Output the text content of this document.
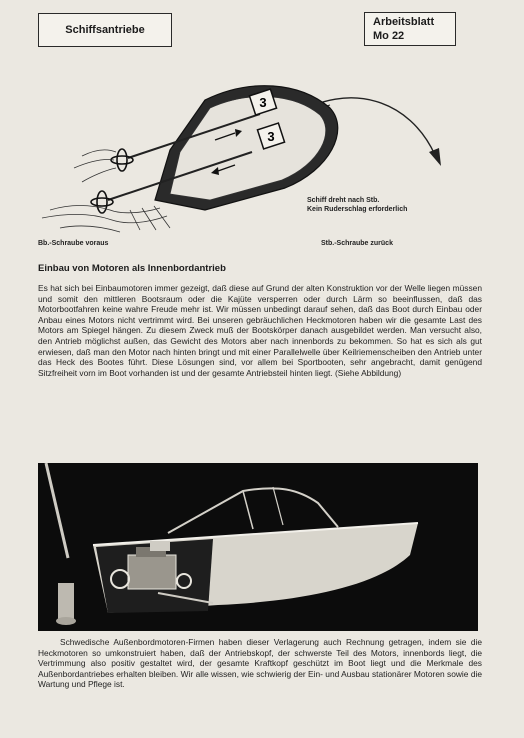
Schiffsantriebe
Arbeitsblatt
Mo 22
3
3
Schiff dreht nach Stb.
Kein Ruderschlag erforderlich
Bb.-Schraube voraus	Stb.-Schraube zurück
Einbau von Motoren als Innenbordantrieb

Es hat sich bei Einbaumotoren immer gezeigt, daß diese auf Grund der alten Konstruktion vor der Welle liegen müssen und somit den mittleren Bootsraum oder die Kajüte versperren oder durch Lärm so beeinflussen, daß das Motorbootfahren keine wahre Freude mehr ist. Wir müssen unbedingt darauf sehen, daß das Boot durch Einbau oder Anbau eines Motors nicht vertrimmt wird. Bei unseren gebräuchlichen Heckmotoren haben wir die gesamte Last des Motors am Spiegel hängen. Zu diesem Zweck muß der Bootskörper danach ausgebildet werden. Man versucht also, den Antrieb möglichst außen, das Gewicht des Motors aber nach innenbords zu bekommen. So hat es sich als gut erwiesen, daß man den Motor nach hinten bringt und mit einer Parallelwelle über Keilriemenscheiben den Antrieb unter das Heck des Bootes führt. Diese Lösungen sind, vor allem bei Sportbooten, sehr angebracht, damit genügend Sitzfreiheit vorn im Boot vorhanden ist und der gesamte Antriebsteil hinten liegt. (Siehe Abbildung)

Schwedische Außenbordmotoren-Firmen haben dieser Verlagerung auch Rechnung getragen, indem sie die Heckmotoren so umkonstruiert haben, daß der Antriebskopf, der schwerste Teil des Motors, innenbords liegt, die Vertrimmung also positiv gestaltet wird, der gesamte Kraftkopf geschützt im Boot liegt und die Merkmale des Außenbordantriebes erhalten bleiben. Wir alle wissen, wie schwierig der Ein- und Ausbau stationärer Motoren sowie die Wartung und Pflege ist.
